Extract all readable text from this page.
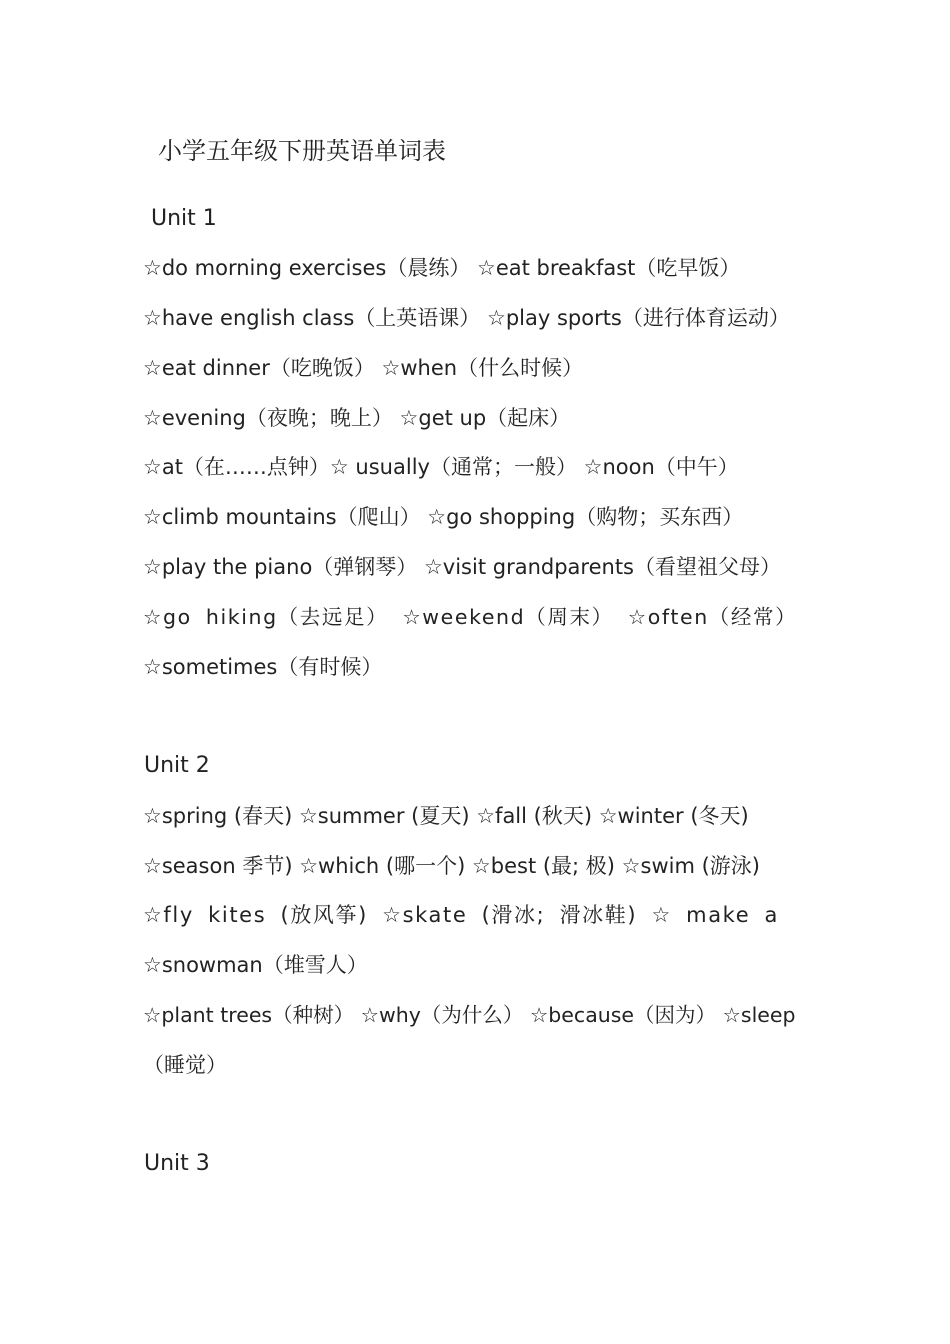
小学五年级下册英语单词表
Unit 1
☆do morning exercises（晨练） ☆eat breakfast（吃早饭）
☆have english class（上英语课） ☆play sports（进行体育运动）
☆eat dinner（吃晚饭） ☆when（什么时候）
☆evening（夜晚；晚上） ☆get up（起床）
☆at（在……点钟）☆ usually（通常；一般） ☆noon（中午）
☆climb mountains（爬山） ☆go shopping（购物；买东西）
☆play the piano（弹钢琴） ☆visit grandparents（看望祖父母）
☆go hiking（去远足） ☆weekend（周末） ☆often（经常）
☆sometimes（有时候）
Unit 2
☆spring (春天) ☆summer (夏天) ☆fall (秋天) ☆winter (冬天)
☆season 季节) ☆which (哪一个) ☆best (最; 极) ☆swim (游泳)
☆fly kites (放风筝) ☆skate (滑冰; 滑冰鞋) ☆ make a
☆snowman（堆雪人）
☆plant trees（种树） ☆why（为什么） ☆because（因为） ☆sleep
（睡觉）
Unit 3
